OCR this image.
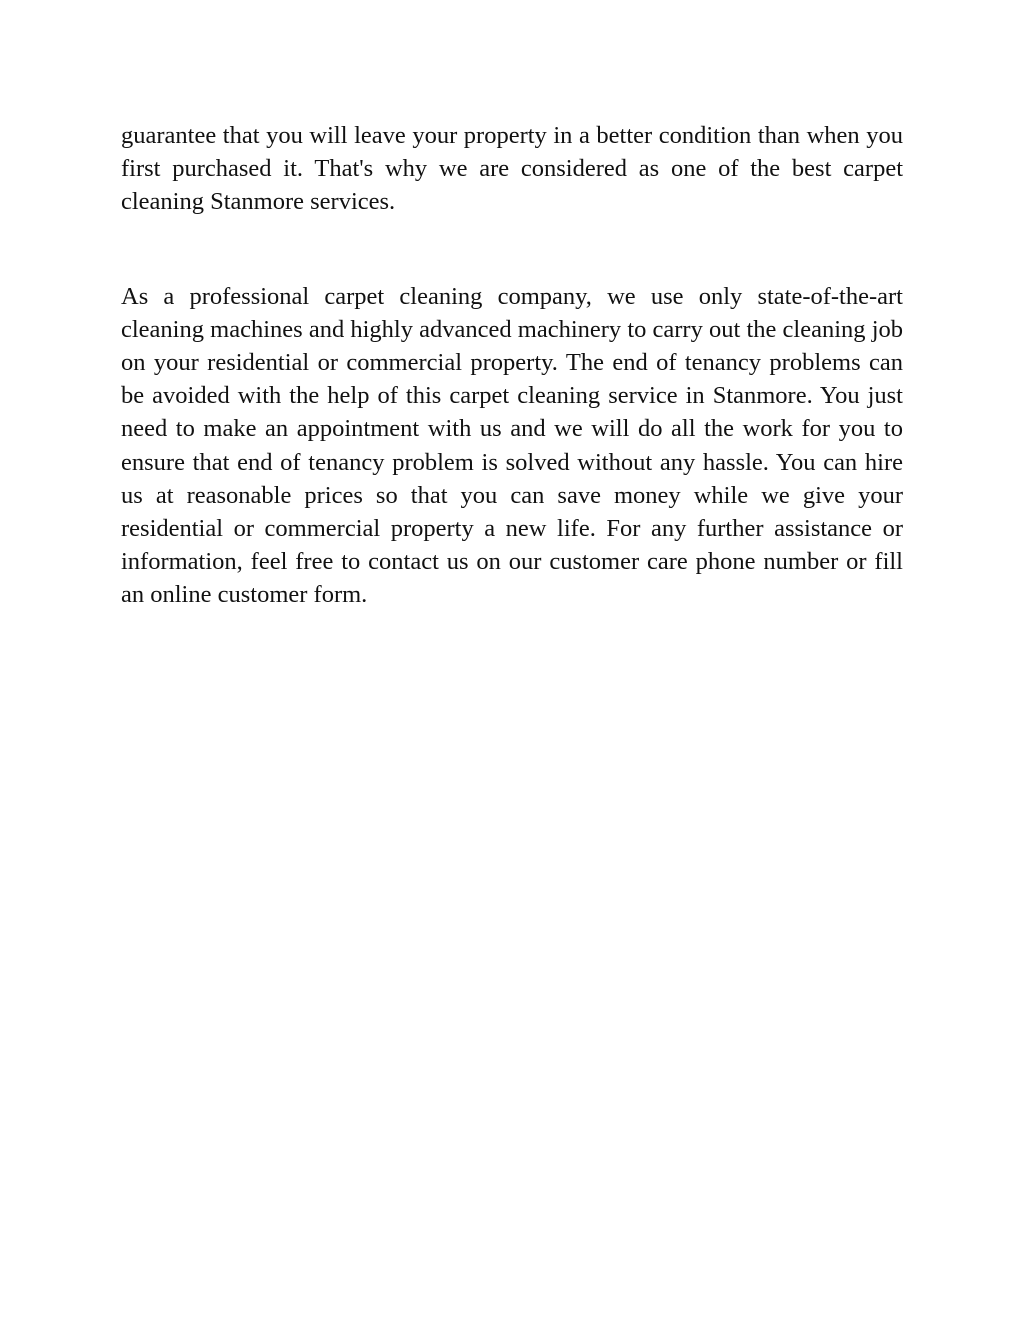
guarantee that you will leave your property in a better condition than when you first purchased it. That's why we are considered as one of the best carpet cleaning Stanmore services.

As a professional carpet cleaning company, we use only state-of-the-art cleaning machines and highly advanced machinery to carry out the cleaning job on your residential or commercial property. The end of tenancy problems can be avoided with the help of this carpet cleaning service in Stanmore. You just need to make an appointment with us and we will do all the work for you to ensure that end of tenancy problem is solved without any hassle. You can hire us at reasonable prices so that you can save money while we give your residential or commercial property a new life. For any further assistance or information, feel free to contact us on our customer care phone number or fill an online customer form.
